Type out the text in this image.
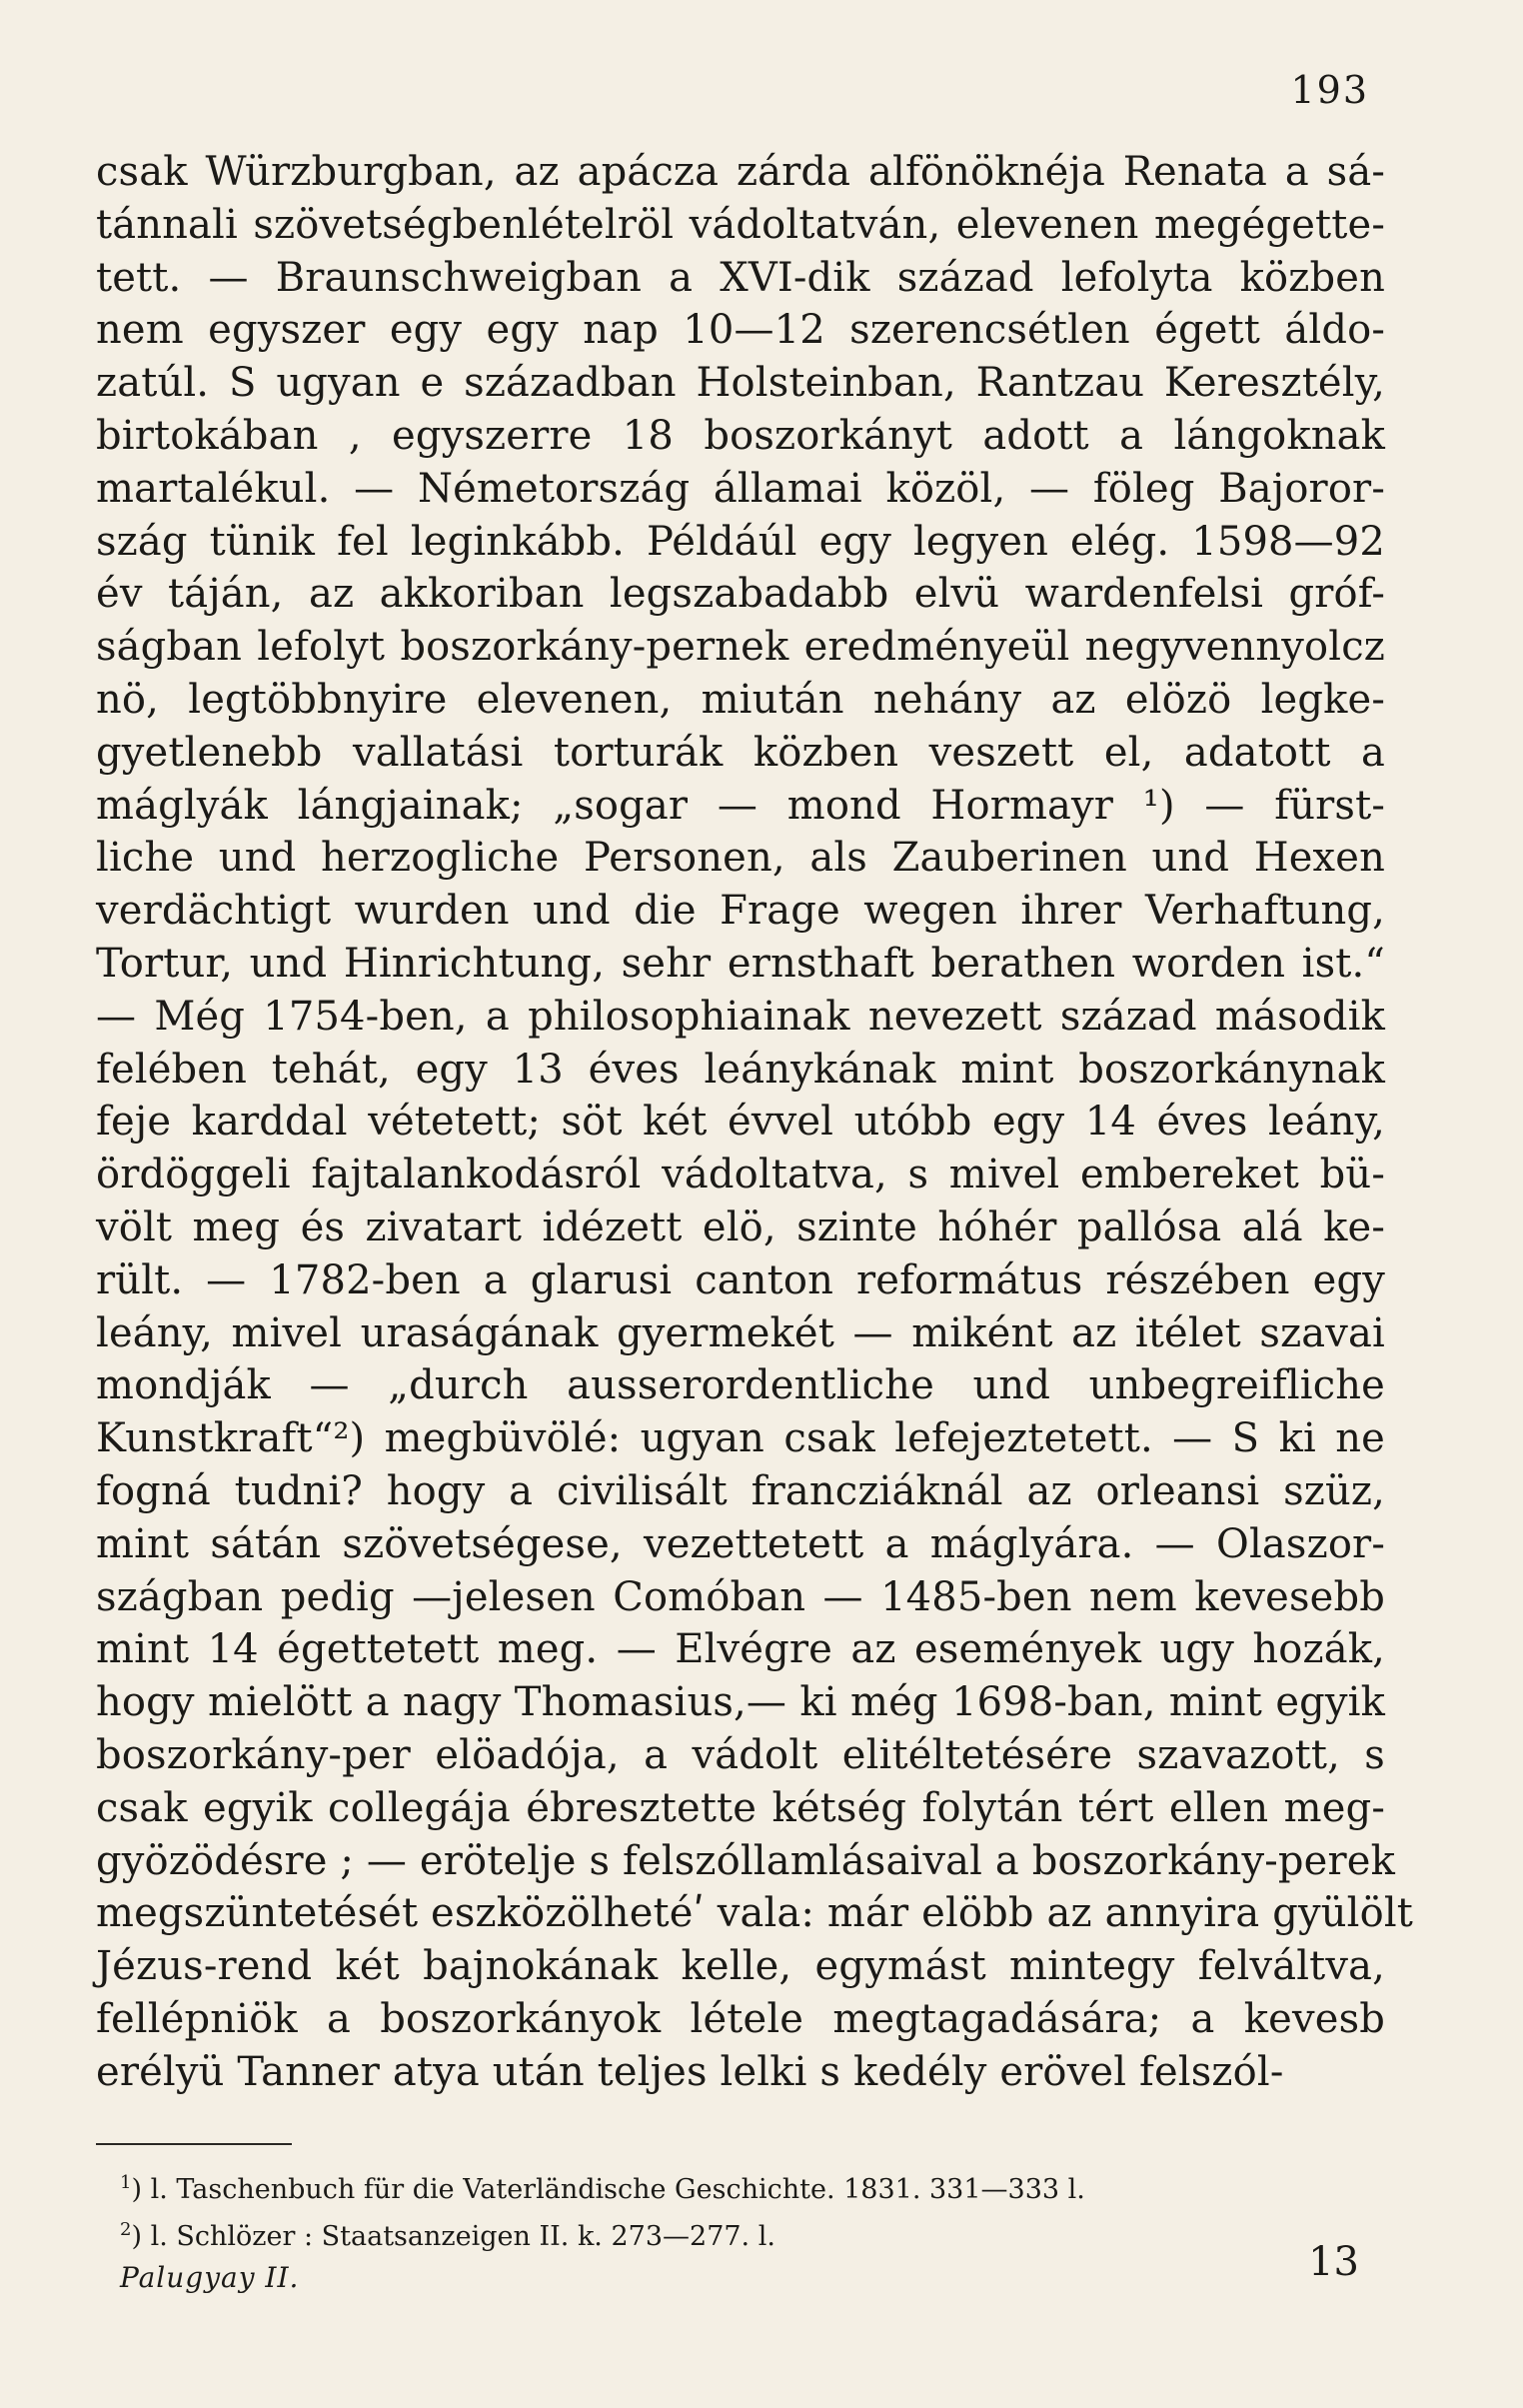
193
csak Würzburgban, az apácza zárda alfönöknéja Renata a sá-
tánnali szövetségbenlételröl vádoltatván, elevenen megégette-
tett. — Braunschweigban a XVI-dik század lefolyta közben
nem egyszer egy egy nap 10—12 szerencsétlen égett áldo-
zatúl. S ugyan e században Holsteinban, Rantzau Keresztély,
birtokában , egyszerre 18 boszorkányt adott a lángoknak
martalékul. — Németország államai közöl, — föleg Bajoror-
szág tünik fel leginkább. Példáúl egy legyen elég. 1598—92
év táján, az akkoriban legszabadabb elvü wardenfelsi gróf-
ságban lefolyt boszorkány-pernek eredményeül negyvennyolcz
nö, legtöbbnyire elevenen, miután nehány az elözö legke-
gyetlenebb vallatási torturák közben veszett el, adatott a
máglyák lángjainak; „sogar — mond Hormayr ¹) — fürst-
liche und herzogliche Personen, als Zauberinen und Hexen
verdächtigt wurden und die Frage wegen ihrer Verhaftung,
Tortur, und Hinrichtung, sehr ernsthaft berathen worden ist.“
— Még 1754-ben, a philosophiainak nevezett század második
felében tehát, egy 13 éves leánykának mint boszorkánynak
feje karddal vétetett; söt két évvel utóbb egy 14 éves leány,
ördöggeli fajtalankodásról vádoltatva, s mivel embereket bü-
völt meg és zivatart idézett elö, szinte hóhér pallósa alá ke-
rült. — 1782-ben a glarusi canton református részében egy
leány, mivel uraságának gyermekét — miként az itélet szavai
mondják — „durch ausserordentliche und unbegreifliche
Kunstkraft“²) megbüvölé: ugyan csak lefejeztetett. — S ki ne
fogná tudni? hogy a civilisált francziáknál az orleansi szüz,
mint sátán szövetségese, vezettetett a máglyára. — Olaszor-
szágban pedig —jelesen Comóban — 1485-ben nem kevesebb
mint 14 égettetett meg. — Elvégre az események ugy hozák,
hogy mielött a nagy Thomasius,— ki még 1698-ban, mint egyik
boszorkány-per elöadója, a vádolt elitéltetésére szavazott, s
csak egyik collegája ébresztette kétség folytán tért ellen meg-
gyözödésre ; — erötelje s felszóllamlásaival a boszorkány-perek
megszüntetését eszközölhetéʹ vala: már elöbb az annyira gyülölt
Jézus-rend két bajnokának kelle, egymást mintegy felváltva,
fellépniök a boszorkányok létele megtagadására; a kevesb
erélyü Tanner atya után teljes lelki s kedély erövel felszól-
$^1$) l. Taschenbuch für die Vaterländische Geschichte. 1831. 331—333 l.
$^2$) l. Schlözer : Staatsanzeigen II. k. 273—277. l.
Palugyay II.	13
